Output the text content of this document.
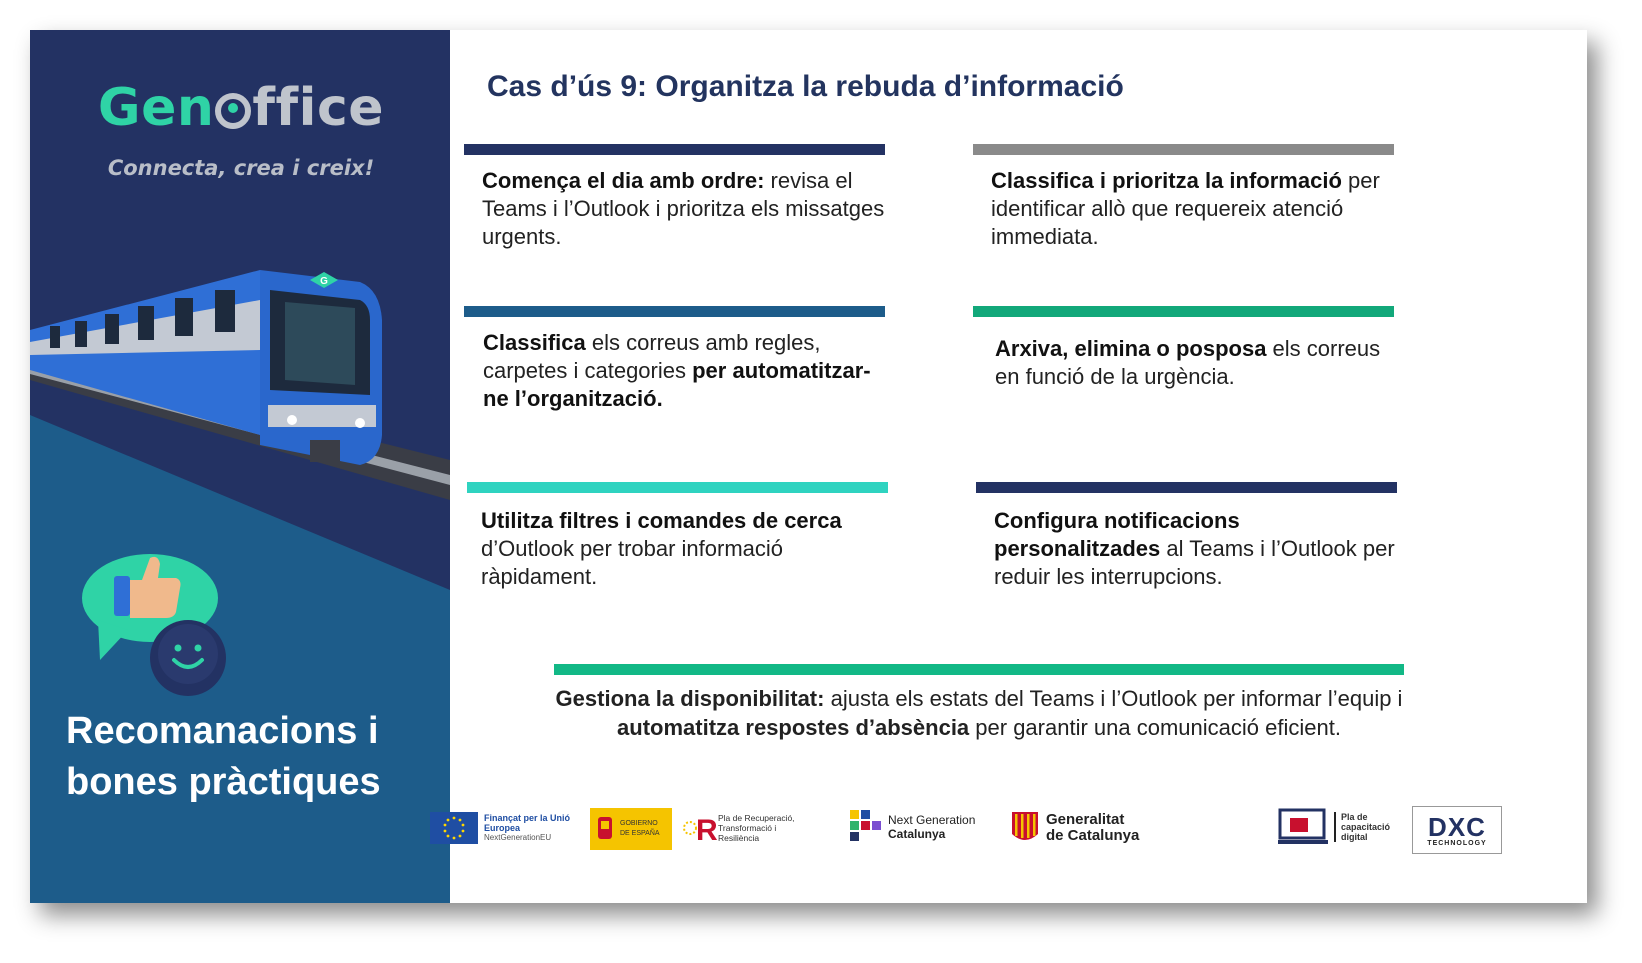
Gen ffice
Connecta, crea i creix!
G
Recomanacions i bones pràctiques
Cas d’ús 9: Organitza la rebuda d’informació
Comença el dia amb ordre: revisa el Teams i l’Outlook i prioritza els missatges urgents.
Classifica i prioritza la informació per identificar allò que requereix atenció immediata.
Classifica els correus amb regles, carpetes i categories per automatitzar-ne l’organització.
Arxiva, elimina o posposa els correus en funció de la urgència.
Utilitza filtres i comandes de cerca
d’Outlook per trobar informació ràpidament.
Configura notificacions personalitzades al Teams i l’Outlook per reduir les interrupcions.
Gestiona la disponibilitat: ajusta els estats del Teams i l’Outlook per informar l’equip i automatitza respostes d’absència per garantir una comunicació eficient.
Finançat per la Unió Europea
NextGenerationEU
GOBIERNO DE ESPAÑA R Pla de Recuperació, Transformació i Resiliència
Next Generation
Catalunya
Generalitat
de Catalunya
Pla de capacitació digital	DXC
TECHNOLOGY
